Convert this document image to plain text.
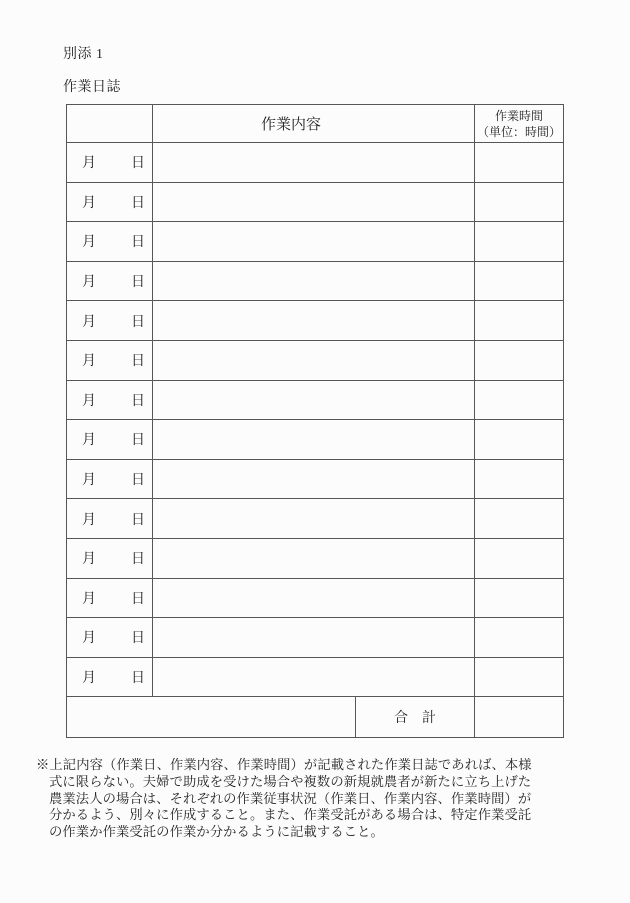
別添 1
作業日誌
	作業内容		作業時間
（単位：時間）

月 日			

月 日			

月 日			

月 日			

月 日			

月 日			

月 日			

月 日			

月 日			

月 日			

月 日			

月 日			

月 日			

月 日			

		合　計	
※上記内容（作業日、作業内容、作業時間）が記載された作業日誌であれば、本様
式に限らない。夫婦で助成を受けた場合や複数の新規就農者が新たに立ち上げた
農業法人の場合は、それぞれの作業従事状況（作業日、作業内容、作業時間）が
分かるよう、別々に作成すること。また、作業受託がある場合は、特定作業受託
の作業か作業受託の作業か分かるように記載すること。
